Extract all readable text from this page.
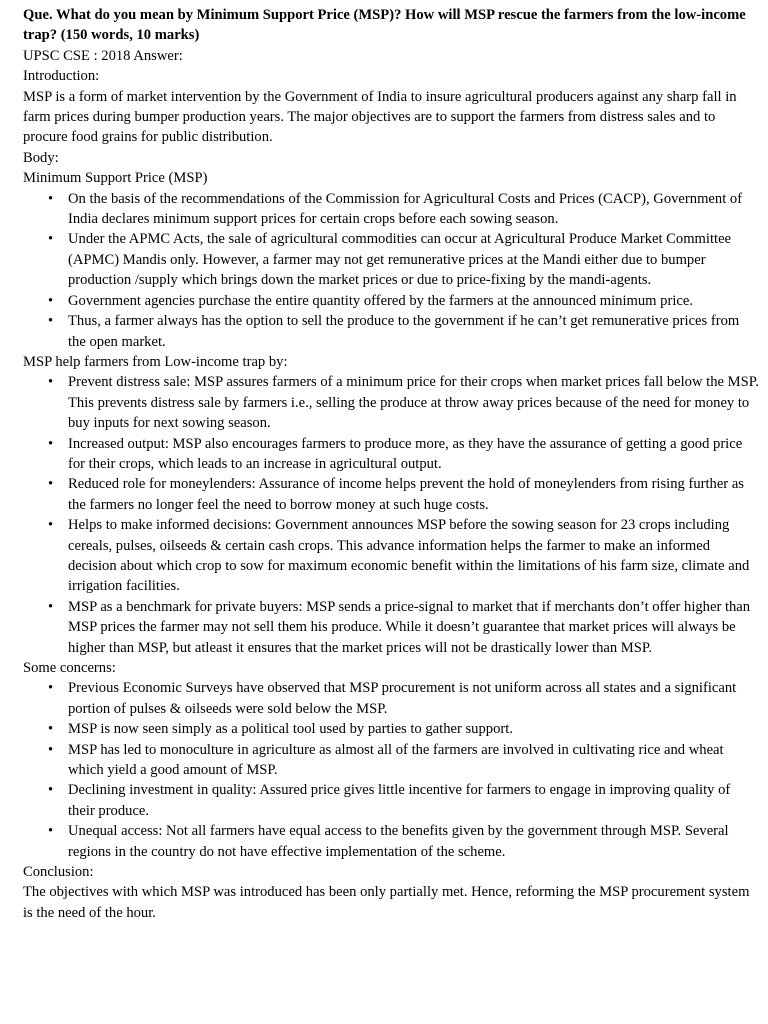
Que. What do you mean by Minimum Support Price (MSP)? How will MSP rescue the farmers from the low-income trap? (150 words, 10 marks)

UPSC CSE : 2018 Answer:

Introduction:

MSP is a form of market intervention by the Government of India to insure agricultural producers against any sharp fall in farm prices during bumper production years. The major objectives are to support the farmers from distress sales and to procure food grains for public distribution.

Body:

Minimum Support Price (MSP)

• On the basis of the recommendations of the Commission for Agricultural Costs and Prices (CACP), Government of India declares minimum support prices for certain crops before each sowing season.
• Under the APMC Acts, the sale of agricultural commodities can occur at Agricultural Produce Market Committee (APMC) Mandis only. However, a farmer may not get remunerative prices at the Mandi either due to bumper production /supply which brings down the market prices or due to price-fixing by the mandi-agents.
• Government agencies purchase the entire quantity offered by the farmers at the announced minimum price.
• Thus, a farmer always has the option to sell the produce to the government if he can’t get remunerative prices from the open market.

MSP help farmers from Low-income trap by:

• Prevent distress sale: MSP assures farmers of a minimum price for their crops when market prices fall below the MSP. This prevents distress sale by farmers i.e., selling the produce at throw away prices because of the need for money to buy inputs for next sowing season.
• Increased output: MSP also encourages farmers to produce more, as they have the assurance of getting a good price for their crops, which leads to an increase in agricultural output.
• Reduced role for moneylenders: Assurance of income helps prevent the hold of moneylenders from rising further as the farmers no longer feel the need to borrow money at such huge costs.
• Helps to make informed decisions: Government announces MSP before the sowing season for 23 crops including cereals, pulses, oilseeds & certain cash crops. This advance information helps the farmer to make an informed decision about which crop to sow for maximum economic benefit within the limitations of his farm size, climate and irrigation facilities.
• MSP as a benchmark for private buyers: MSP sends a price-signal to market that if merchants don’t offer higher than MSP prices the farmer may not sell them his produce. While it doesn’t guarantee that market prices will always be higher than MSP, but atleast it ensures that the market prices will not be drastically lower than MSP.

Some concerns:

• Previous Economic Surveys have observed that MSP procurement is not uniform across all states and a significant portion of pulses & oilseeds were sold below the MSP.
• MSP is now seen simply as a political tool used by parties to gather support.
• MSP has led to monoculture in agriculture as almost all of the farmers are involved in cultivating rice and wheat which yield a good amount of MSP.
• Declining investment in quality: Assured price gives little incentive for farmers to engage in improving quality of their produce.
• Unequal access: Not all farmers have equal access to the benefits given by the government through MSP. Several regions in the country do not have effective implementation of the scheme.

Conclusion:

The objectives with which MSP was introduced has been only partially met. Hence, reforming the MSP procurement system is the need of the hour.
